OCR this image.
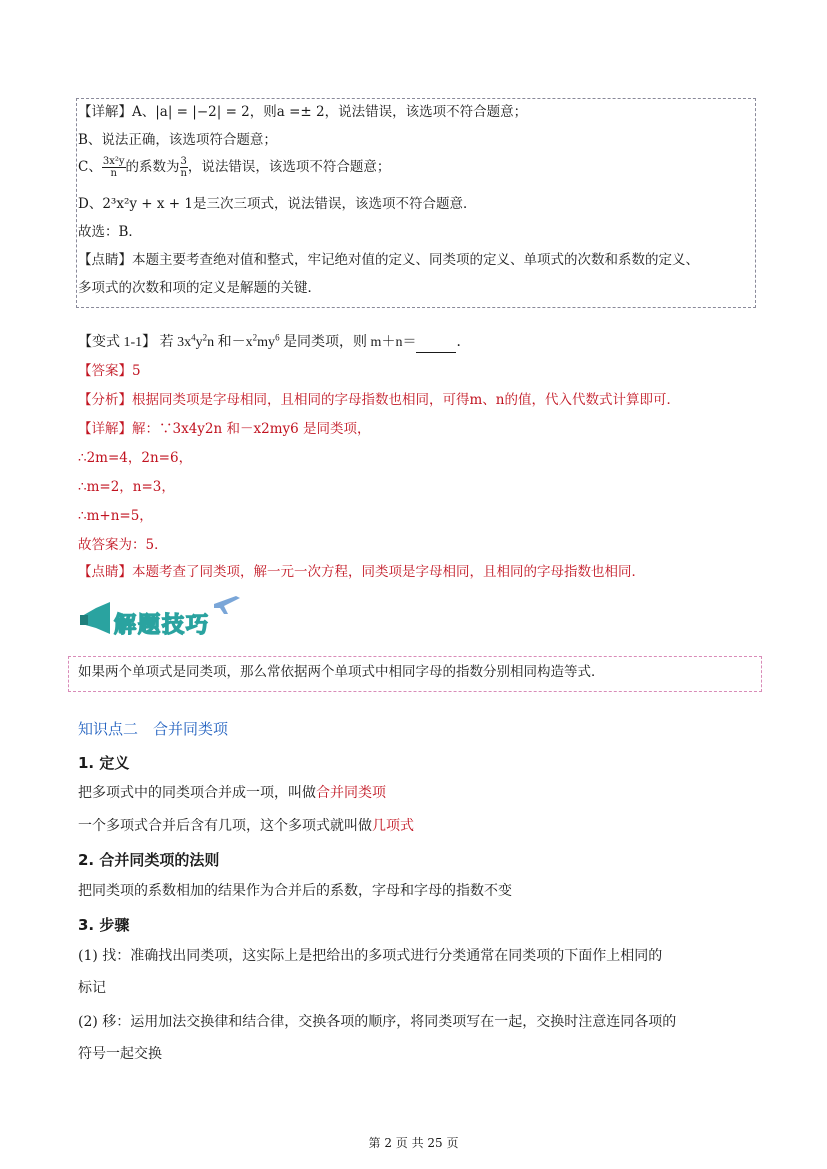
【详解】A、|a| = |−2| = 2，则a =± 2，说法错误，该选项不符合题意；
B、说法正确，该选项符合题意；
C、 $\frac{\text{3x²y}}{n}$ 的系数为 $\frac{3}{n}$ ，说法错误，该选项不符合题意；
D、2³x²y + x + 1是三次三项式，说法错误，该选项不符合题意．
故选：B．
【点睛】本题主要考查绝对值和整式，牢记绝对值的定义、同类项的定义、单项式的次数和系数的定义、
多项式的次数和项的定义是解题的关键．
【变式 1-1】 若 $3x^4y^2n$ 和$-x^2my^6$ 是同类项，则 m＋n＝	．
【答案】5
【分析】根据同类项是字母相同，且相同的字母指数也相同，可得m、n的值，代入代数式计算即可．
【详解】解：∵3x4y2n 和－x2my6 是同类项，
∴2m=4，2n=6，
∴m=2，n=3，
∴m+n=5，
故答案为：5．
【点睛】本题考查了同类项，解一元一次方程，同类项是字母相同，且相同的字母指数也相同．
解题技巧
如果两个单项式是同类项，那么常依据两个单项式中相同字母的指数分别相同构造等式．
知识点二　合并同类项
1. 定义
把多项式中的同类项合并成一项，叫做合并同类项
一个多项式合并后含有几项，这个多项式就叫做几项式
2. 合并同类项的法则
把同类项的系数相加的结果作为合并后的系数，字母和字母的指数不变
3. 步骤
(1) 找：准确找出同类项，这实际上是把给出的多项式进行分类通常在同类项的下面作上相同的
标记
(2) 移：运用加法交换律和结合律，交换各项的顺序，将同类项写在一起，交换时注意连同各项的
符号一起交换
第 2 页 共 25 页
